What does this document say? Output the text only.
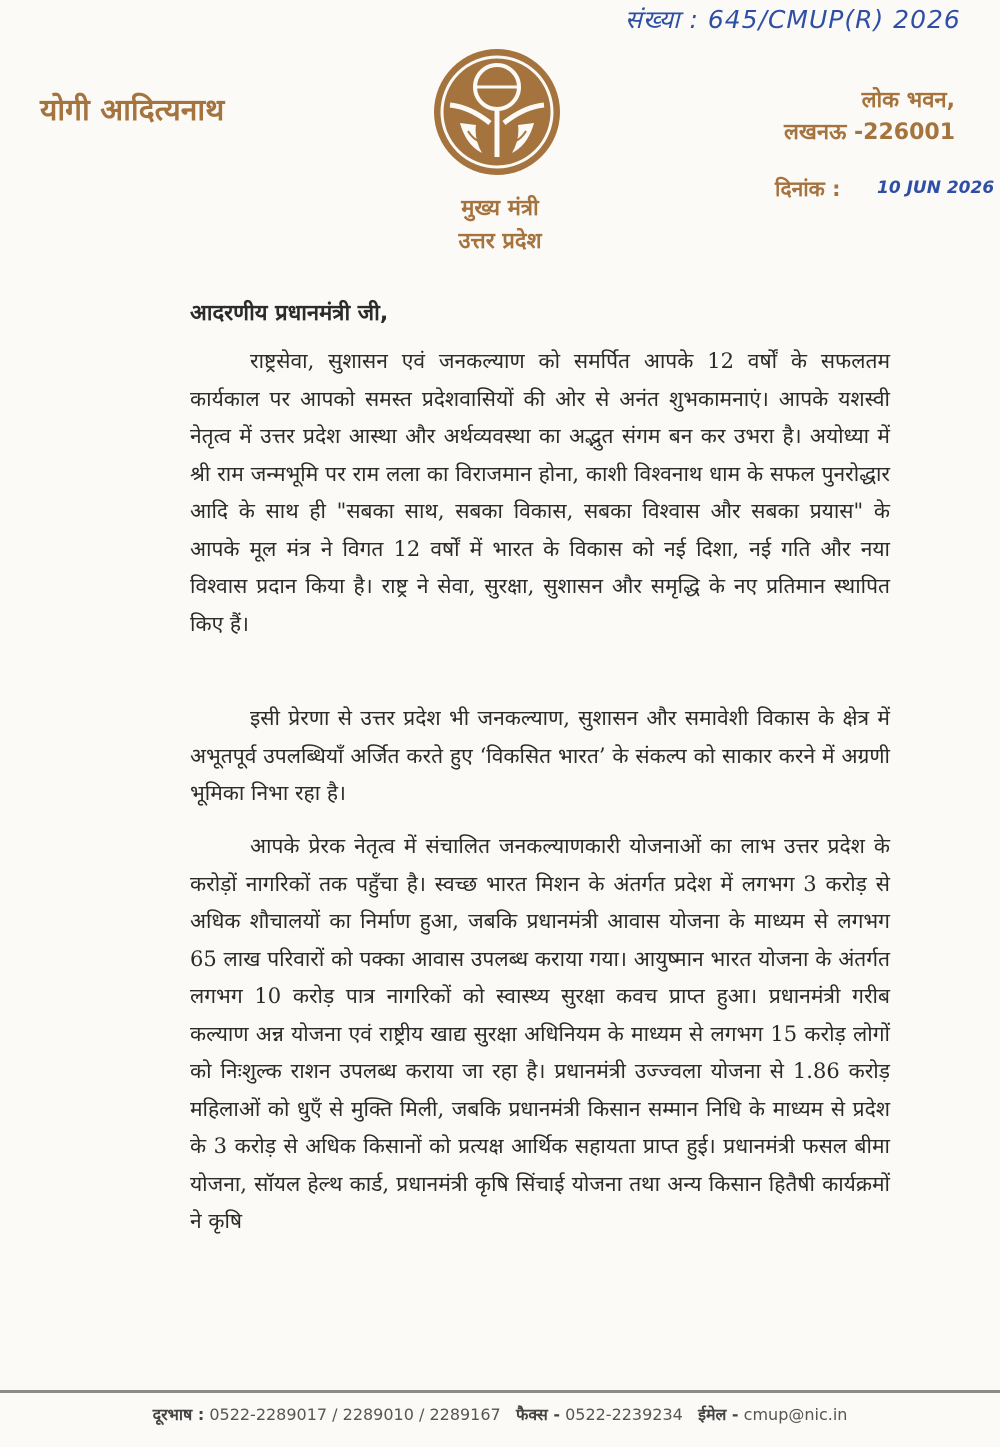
संख्या : 645/CMUP(R) 2026
योगी आदित्यनाथ
मुख्य मंत्री
उत्तर प्रदेश
लोक भवन,
लखनऊ -226001
दिनांक : 10 JUN 2026
आदरणीय प्रधानमंत्री जी,

राष्ट्रसेवा, सुशासन एवं जनकल्याण को समर्पित आपके 12 वर्षों के सफलतम कार्यकाल पर आपको समस्त प्रदेशवासियों की ओर से अनंत शुभकामनाएं। आपके यशस्वी नेतृत्व में उत्तर प्रदेश आस्था और अर्थव्यवस्था का अद्भुत संगम बन कर उभरा है। अयोध्या में श्री राम जन्मभूमि पर राम लला का विराजमान होना, काशी विश्वनाथ धाम के सफल पुनरोद्धार आदि के साथ ही "सबका साथ, सबका विकास, सबका विश्वास और सबका प्रयास" के आपके मूल मंत्र ने विगत 12 वर्षों में भारत के विकास को नई दिशा, नई गति और नया विश्वास प्रदान किया है। राष्ट्र ने सेवा, सुरक्षा, सुशासन और समृद्धि के नए प्रतिमान स्थापित किए हैं।

इसी प्रेरणा से उत्तर प्रदेश भी जनकल्याण, सुशासन और समावेशी विकास के क्षेत्र में अभूतपूर्व उपलब्धियाँ अर्जित करते हुए ‘विकसित भारत’ के संकल्प को साकार करने में अग्रणी भूमिका निभा रहा है।

आपके प्रेरक नेतृत्व में संचालित जनकल्याणकारी योजनाओं का लाभ उत्तर प्रदेश के करोड़ों नागरिकों तक पहुँचा है। स्वच्छ भारत मिशन के अंतर्गत प्रदेश में लगभग 3 करोड़ से अधिक शौचालयों का निर्माण हुआ, जबकि प्रधानमंत्री आवास योजना के माध्यम से लगभग 65 लाख परिवारों को पक्का आवास उपलब्ध कराया गया। आयुष्मान भारत योजना के अंतर्गत लगभग 10 करोड़ पात्र नागरिकों को स्वास्थ्य सुरक्षा कवच प्राप्त हुआ। प्रधानमंत्री गरीब कल्याण अन्न योजना एवं राष्ट्रीय खाद्य सुरक्षा अधिनियम के माध्यम से लगभग 15 करोड़ लोगों को निःशुल्क राशन उपलब्ध कराया जा रहा है। प्रधानमंत्री उज्ज्वला योजना से 1.86 करोड़ महिलाओं को धुएँ से मुक्ति मिली, जबकि प्रधानमंत्री किसान सम्मान निधि के माध्यम से प्रदेश के 3 करोड़ से अधिक किसानों को प्रत्यक्ष आर्थिक सहायता प्राप्त हुई। प्रधानमंत्री फसल बीमा योजना, सॉयल हेल्थ कार्ड, प्रधानमंत्री कृषि सिंचाई योजना तथा अन्य किसान हितैषी कार्यक्रमों ने कृषि

दूरभाष : 0522-2289017 / 2289010 / 2289167 फैक्स - 0522-2239234 ईमेल - cmup@nic.in
